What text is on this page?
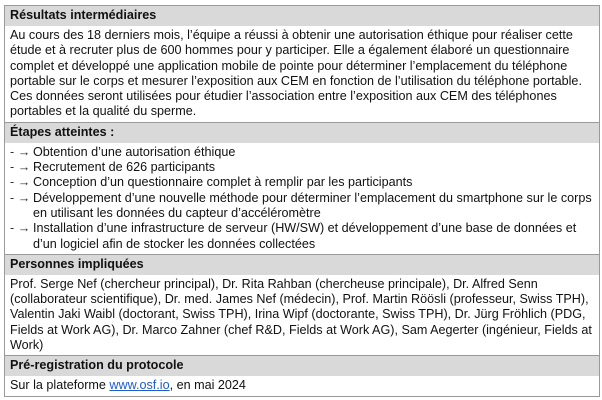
Résultats intermédiaires
Au cours des 18 derniers mois, l’équipe a réussi à obtenir une autorisation éthique pour réaliser cette étude et à recruter plus de 600 hommes pour y participer. Elle a également élaboré un questionnaire complet et développé une application mobile de pointe pour déterminer l’emplacement du téléphone portable sur le corps et mesurer l’exposition aux CEM en fonction de l’utilisation du téléphone portable. Ces données seront utilisées pour étudier l’association entre l’exposition aux CEM des téléphones portables et la qualité du sperme.
Étapes atteintes :
- → Obtention d’une autorisation éthique
- → Recrutement de 626 participants
- → Conception d’un questionnaire complet à remplir par les participants
- → Développement d’une nouvelle méthode pour déterminer l’emplacement du smartphone sur le corps en utilisant les données du capteur d’accéléromètre
- → Installation d’une infrastructure de serveur (HW/SW) et développement d’une base de données et d’un logiciel afin de stocker les données collectées
Personnes impliquées
Prof. Serge Nef (chercheur principal), Dr. Rita Rahban (chercheuse principale), Dr. Alfred Senn (collaborateur scientifique), Dr. med. James Nef (médecin), Prof. Martin Röösli (professeur, Swiss TPH), Valentin Jaki Waibl (doctorant, Swiss TPH), Irina Wipf (doctorante, Swiss TPH), Dr. Jürg Fröhlich (PDG, Fields at Work AG), Dr. Marco Zahner (chef R&D, Fields at Work AG), Sam Aegerter (ingénieur, Fields at Work)
Pré-registration du protocole
Sur la plateforme www.osf.io, en mai 2024
